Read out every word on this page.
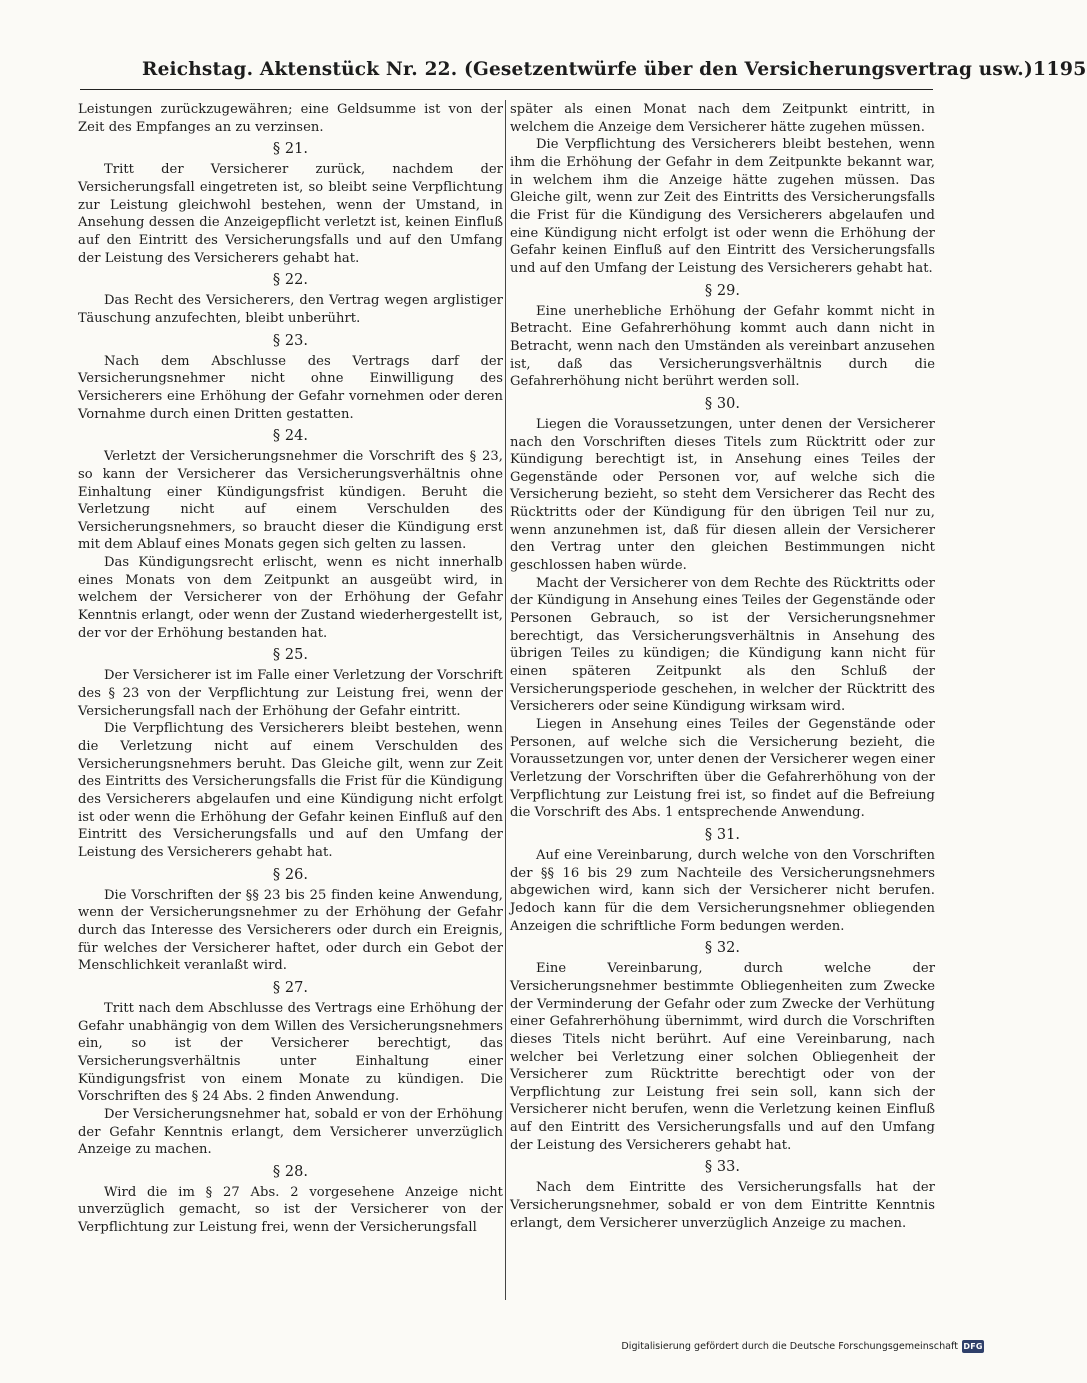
Reichstag. Aktenstück Nr. 22. (Gesetzentwürfe über den Versicherungsvertrag usw.) 1195
Leistungen zurückzugewähren; eine Geldsumme ist von der Zeit des Empfanges an zu verzinsen.
§ 21.
Tritt der Versicherer zurück, nachdem der Versicherungsfall eingetreten ist, so bleibt seine Verpflichtung zur Leistung gleichwohl bestehen, wenn der Umstand, in Ansehung dessen die Anzeigepflicht verletzt ist, keinen Einfluß auf den Eintritt des Versicherungsfalls und auf den Umfang der Leistung des Versicherers gehabt hat.
§ 22.
Das Recht des Versicherers, den Vertrag wegen arglistiger Täuschung anzufechten, bleibt unberührt.
§ 23.
Nach dem Abschlusse des Vertrags darf der Versicherungsnehmer nicht ohne Einwilligung des Versicherers eine Erhöhung der Gefahr vornehmen oder deren Vornahme durch einen Dritten gestatten.
§ 24.
Verletzt der Versicherungsnehmer die Vorschrift des § 23, so kann der Versicherer das Versicherungsverhältnis ohne Einhaltung einer Kündigungsfrist kündigen. Beruht die Verletzung nicht auf einem Verschulden des Versicherungsnehmers, so braucht dieser die Kündigung erst mit dem Ablauf eines Monats gegen sich gelten zu lassen.
Das Kündigungsrecht erlischt, wenn es nicht innerhalb eines Monats von dem Zeitpunkt an ausgeübt wird, in welchem der Versicherer von der Erhöhung der Gefahr Kenntnis erlangt, oder wenn der Zustand wiederhergestellt ist, der vor der Erhöhung bestanden hat.
§ 25.
Der Versicherer ist im Falle einer Verletzung der Vorschrift des § 23 von der Verpflichtung zur Leistung frei, wenn der Versicherungsfall nach der Erhöhung der Gefahr eintritt.
Die Verpflichtung des Versicherers bleibt bestehen, wenn die Verletzung nicht auf einem Verschulden des Versicherungsnehmers beruht. Das Gleiche gilt, wenn zur Zeit des Eintritts des Versicherungsfalls die Frist für die Kündigung des Versicherers abgelaufen und eine Kündigung nicht erfolgt ist oder wenn die Erhöhung der Gefahr keinen Einfluß auf den Eintritt des Versicherungsfalls und auf den Umfang der Leistung des Versicherers gehabt hat.
§ 26.
Die Vorschriften der §§ 23 bis 25 finden keine Anwendung, wenn der Versicherungsnehmer zu der Erhöhung der Gefahr durch das Interesse des Versicherers oder durch ein Ereignis, für welches der Versicherer haftet, oder durch ein Gebot der Menschlichkeit veranlaßt wird.
§ 27.
Tritt nach dem Abschlusse des Vertrags eine Erhöhung der Gefahr unabhängig von dem Willen des Versicherungsnehmers ein, so ist der Versicherer berechtigt, das Versicherungsverhältnis unter Einhaltung einer Kündigungsfrist von einem Monate zu kündigen. Die Vorschriften des § 24 Abs. 2 finden Anwendung.
Der Versicherungsnehmer hat, sobald er von der Erhöhung der Gefahr Kenntnis erlangt, dem Versicherer unverzüglich Anzeige zu machen.
§ 28.
Wird die im § 27 Abs. 2 vorgesehene Anzeige nicht unverzüglich gemacht, so ist der Versicherer von der Verpflichtung zur Leistung frei, wenn der Versicherungsfall
später als einen Monat nach dem Zeitpunkt eintritt, in welchem die Anzeige dem Versicherer hätte zugehen müssen.
Die Verpflichtung des Versicherers bleibt bestehen, wenn ihm die Erhöhung der Gefahr in dem Zeitpunkte bekannt war, in welchem ihm die Anzeige hätte zugehen müssen. Das Gleiche gilt, wenn zur Zeit des Eintritts des Versicherungsfalls die Frist für die Kündigung des Versicherers abgelaufen und eine Kündigung nicht erfolgt ist oder wenn die Erhöhung der Gefahr keinen Einfluß auf den Eintritt des Versicherungsfalls und auf den Umfang der Leistung des Versicherers gehabt hat.
§ 29.
Eine unerhebliche Erhöhung der Gefahr kommt nicht in Betracht. Eine Gefahrerhöhung kommt auch dann nicht in Betracht, wenn nach den Umständen als vereinbart anzusehen ist, daß das Versicherungsverhältnis durch die Gefahrerhöhung nicht berührt werden soll.
§ 30.
Liegen die Voraussetzungen, unter denen der Versicherer nach den Vorschriften dieses Titels zum Rücktritt oder zur Kündigung berechtigt ist, in Ansehung eines Teiles der Gegenstände oder Personen vor, auf welche sich die Versicherung bezieht, so steht dem Versicherer das Recht des Rücktritts oder der Kündigung für den übrigen Teil nur zu, wenn anzunehmen ist, daß für diesen allein der Versicherer den Vertrag unter den gleichen Bestimmungen nicht geschlossen haben würde.
Macht der Versicherer von dem Rechte des Rücktritts oder der Kündigung in Ansehung eines Teiles der Gegenstände oder Personen Gebrauch, so ist der Versicherungsnehmer berechtigt, das Versicherungsverhältnis in Ansehung des übrigen Teiles zu kündigen; die Kündigung kann nicht für einen späteren Zeitpunkt als den Schluß der Versicherungsperiode geschehen, in welcher der Rücktritt des Versicherers oder seine Kündigung wirksam wird.
Liegen in Ansehung eines Teiles der Gegenstände oder Personen, auf welche sich die Versicherung bezieht, die Voraussetzungen vor, unter denen der Versicherer wegen einer Verletzung der Vorschriften über die Gefahrerhöhung von der Verpflichtung zur Leistung frei ist, so findet auf die Befreiung die Vorschrift des Abs. 1 entsprechende Anwendung.
§ 31.
Auf eine Vereinbarung, durch welche von den Vorschriften der §§ 16 bis 29 zum Nachteile des Versicherungsnehmers abgewichen wird, kann sich der Versicherer nicht berufen. Jedoch kann für die dem Versicherungsnehmer obliegenden Anzeigen die schriftliche Form bedungen werden.
§ 32.
Eine Vereinbarung, durch welche der Versicherungsnehmer bestimmte Obliegenheiten zum Zwecke der Verminderung der Gefahr oder zum Zwecke der Verhütung einer Gefahrerhöhung übernimmt, wird durch die Vorschriften dieses Titels nicht berührt. Auf eine Vereinbarung, nach welcher bei Verletzung einer solchen Obliegenheit der Versicherer zum Rücktritte berechtigt oder von der Verpflichtung zur Leistung frei sein soll, kann sich der Versicherer nicht berufen, wenn die Verletzung keinen Einfluß auf den Eintritt des Versicherungsfalls und auf den Umfang der Leistung des Versicherers gehabt hat.
§ 33.
Nach dem Eintritte des Versicherungsfalls hat der Versicherungsnehmer, sobald er von dem Eintritte Kenntnis erlangt, dem Versicherer unverzüglich Anzeige zu machen.
Digitalisierung gefördert durch die Deutsche Forschungsgemeinschaft DFG
